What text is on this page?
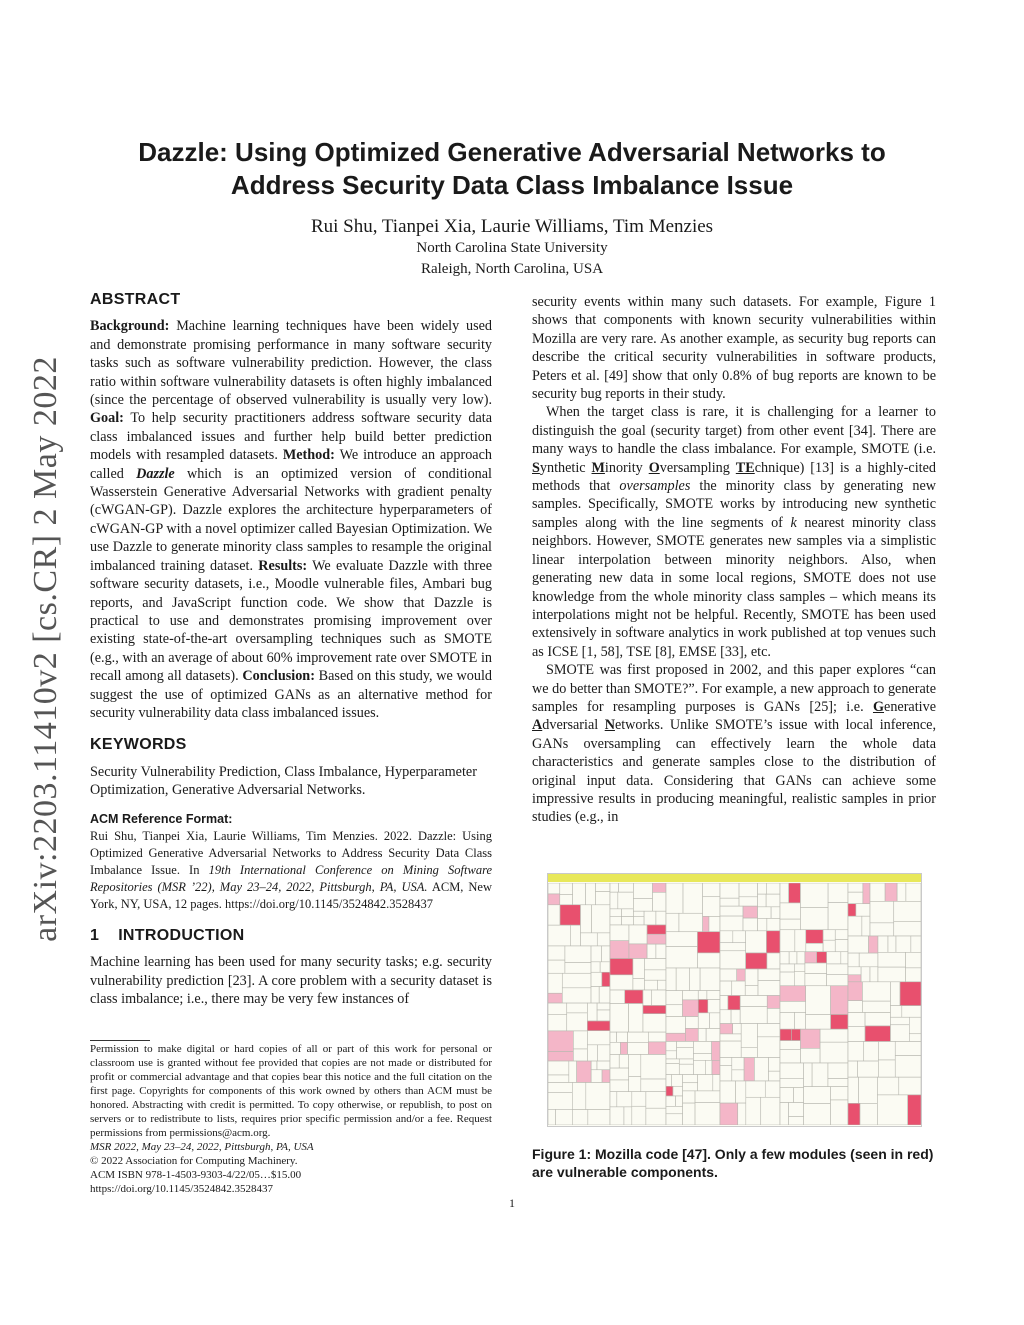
arXiv:2203.11410v2 [cs.CR] 2 May 2022
Dazzle: Using Optimized Generative Adversarial Networks to
Address Security Data Class Imbalance Issue
Rui Shu, Tianpei Xia, Laurie Williams, Tim Menzies
North Carolina State University
Raleigh, North Carolina, USA
ABSTRACT

Background: Machine learning techniques have been widely used and demonstrate promising performance in many software security tasks such as software vulnerability prediction. However, the class ratio within software vulnerability datasets is often highly imbalanced (since the percentage of observed vulnerability is usually very low). Goal: To help security practitioners address software security data class imbalanced issues and further help build better prediction models with resampled datasets. Method: We introduce an approach called Dazzle which is an optimized version of conditional Wasserstein Generative Adversarial Networks with gradient penalty (cWGAN-GP). Dazzle explores the architecture hyperparameters of cWGAN-GP with a novel optimizer called Bayesian Optimization. We use Dazzle to generate minority class samples to resample the original imbalanced training dataset. Results: We evaluate Dazzle with three software security datasets, i.e., Moodle vulnerable files, Ambari bug reports, and JavaScript function code. We show that Dazzle is practical to use and demonstrates promising improvement over existing state-of-the-art oversampling techniques such as SMOTE (e.g., with an average of about 60% improvement rate over SMOTE in recall among all datasets). Conclusion: Based on this study, we would suggest the use of optimized GANs as an alternative method for security vulnerability data class imbalanced issues.

KEYWORDS

Security Vulnerability Prediction, Class Imbalance, Hyperparameter Optimization, Generative Adversarial Networks.

ACM Reference Format:

Rui Shu, Tianpei Xia, Laurie Williams, Tim Menzies. 2022. Dazzle: Using Optimized Generative Adversarial Networks to Address Security Data Class Imbalance Issue. In 19th International Conference on Mining Software Repositories (MSR ’22), May 23–24, 2022, Pittsburgh, PA, USA. ACM, New York, NY, USA, 12 pages. https://doi.org/10.1145/3524842.3528437

1 INTRODUCTION

Machine learning has been used for many security tasks; e.g. security vulnerability prediction [23]. A core problem with a security dataset is class imbalance; i.e., there may be very few instances of

Permission to make digital or hard copies of all or part of this work for personal or classroom use is granted without fee provided that copies are not made or distributed for profit or commercial advantage and that copies bear this notice and the full citation on the first page. Copyrights for components of this work owned by others than ACM must be honored. Abstracting with credit is permitted. To copy otherwise, or republish, to post on servers or to redistribute to lists, requires prior specific permission and/or a fee. Request permissions from permissions@acm.org.

MSR 2022, May 23–24, 2022, Pittsburgh, PA, USA

© 2022 Association for Computing Machinery.

ACM ISBN 978-1-4503-9303-4/22/05…$15.00

https://doi.org/10.1145/3524842.3528437

security events within many such datasets. For example, Figure 1 shows that components with known security vulnerabilities within Mozilla are very rare. As another example, as security bug reports can describe the critical security vulnerabilities in software products, Peters et al. [49] show that only 0.8% of bug reports are known to be security bug reports in their study.

When the target class is rare, it is challenging for a learner to distinguish the goal (security target) from other event [34]. There are many ways to handle the class imbalance. For example, SMOTE (i.e. Synthetic Minority Oversampling TEchnique) [13] is a highly-cited methods that oversamples the minority class by generating new samples. Specifically, SMOTE works by introducing new synthetic samples along with the line segments of k nearest minority class neighbors. However, SMOTE generates new samples via a simplistic linear interpolation between minority neighbors. Also, when generating new data in some local regions, SMOTE does not use knowledge from the whole minority class samples – which means its interpolations might not be helpful. Recently, SMOTE has been used extensively in software analytics in work published at top venues such as ICSE [1, 58], TSE [8], EMSE [33], etc.

SMOTE was first proposed in 2002, and this paper explores “can we do better than SMOTE?”. For example, a new approach to generate samples for resampling purposes is GANs [25]; i.e. Generative Adversarial Networks. Unlike SMOTE’s issue with local inference, GANs oversampling can effectively learn the whole data characteristics and generate samples close to the distribution of original input data. Considering that GANs can achieve some impressive results in producing meaningful, realistic samples in prior studies (e.g., in

Figure 1: Mozilla code [47]. Only a few modules (seen in red) are vulnerable components.
1
